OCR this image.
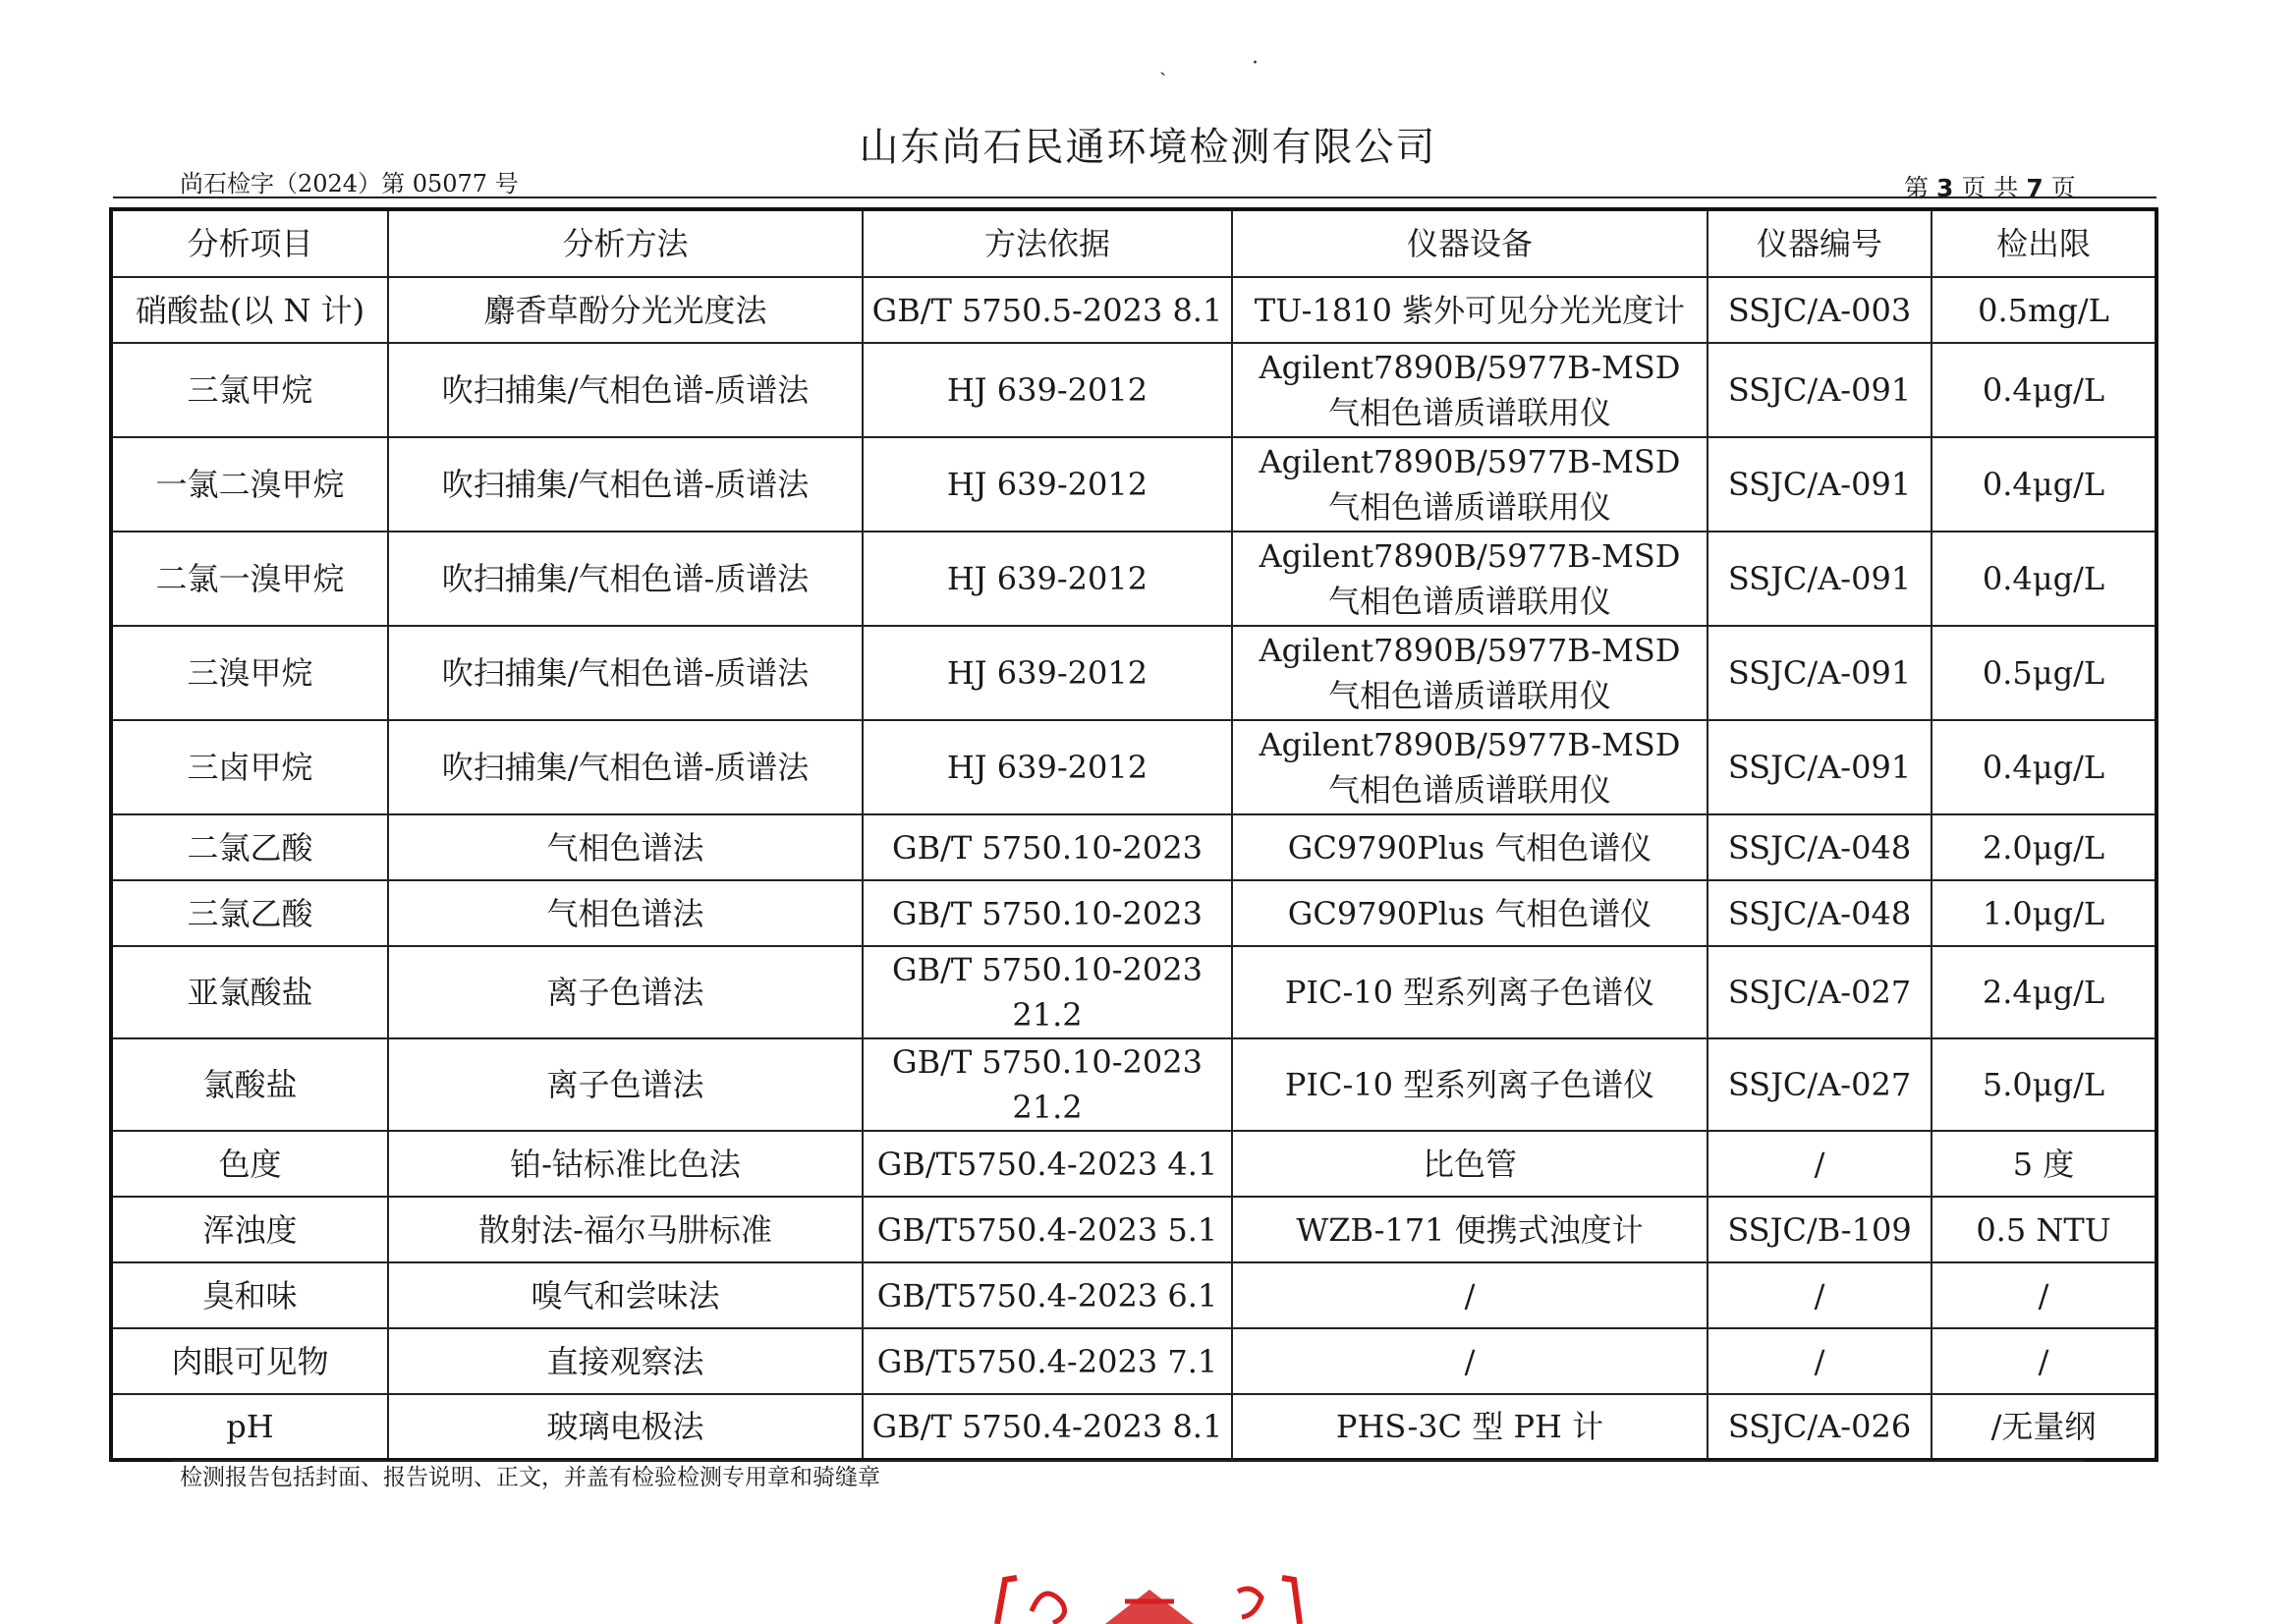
ˎ	·
山东尚石民通环境检测有限公司
尚石检字（2024）第 05077 号	第 3 页 共 7 页
分析项目	分析方法	方法依据	仪器设备	仪器编号	检出限
硝酸盐(以 N 计)	麝香草酚分光光度法	GB/T 5750.5-2023 8.1	TU-1810 紫外可见分光光度计	SSJC/A-003	0.5mg/L
三氯甲烷	吹扫捕集/气相色谱-质谱法	HJ 639-2012	Agilent7890B/5977B-MSD 气相色谱质谱联用仪	SSJC/A-091	0.4μg/L
一氯二溴甲烷	吹扫捕集/气相色谱-质谱法	HJ 639-2012	Agilent7890B/5977B-MSD 气相色谱质谱联用仪	SSJC/A-091	0.4μg/L
二氯一溴甲烷	吹扫捕集/气相色谱-质谱法	HJ 639-2012	Agilent7890B/5977B-MSD 气相色谱质谱联用仪	SSJC/A-091	0.4μg/L
三溴甲烷	吹扫捕集/气相色谱-质谱法	HJ 639-2012	Agilent7890B/5977B-MSD 气相色谱质谱联用仪	SSJC/A-091	0.5μg/L
三卤甲烷	吹扫捕集/气相色谱-质谱法	HJ 639-2012	Agilent7890B/5977B-MSD 气相色谱质谱联用仪	SSJC/A-091	0.4μg/L
二氯乙酸	气相色谱法	GB/T 5750.10-2023	GC9790Plus 气相色谱仪	SSJC/A-048	2.0μg/L
三氯乙酸	气相色谱法	GB/T 5750.10-2023	GC9790Plus 气相色谱仪	SSJC/A-048	1.0μg/L
亚氯酸盐	离子色谱法	GB/T 5750.10-2023 21.2	PIC-10 型系列离子色谱仪	SSJC/A-027	2.4μg/L
氯酸盐	离子色谱法	GB/T 5750.10-2023 21.2	PIC-10 型系列离子色谱仪	SSJC/A-027	5.0μg/L
色度	铂-钴标准比色法	GB/T5750.4-2023 4.1	比色管	/	5 度
浑浊度	散射法-福尔马肼标准	GB/T5750.4-2023 5.1	WZB-171 便携式浊度计	SSJC/B-109	0.5 NTU
臭和味	嗅气和尝味法	GB/T5750.4-2023 6.1	/	/	/
肉眼可见物	直接观察法	GB/T5750.4-2023 7.1	/	/	/
pH	玻璃电极法	GB/T 5750.4-2023 8.1	PHS-3C 型 PH 计	SSJC/A-026	/无量纲
检测报告包括封面、报告说明、正文，并盖有检验检测专用章和骑缝章
